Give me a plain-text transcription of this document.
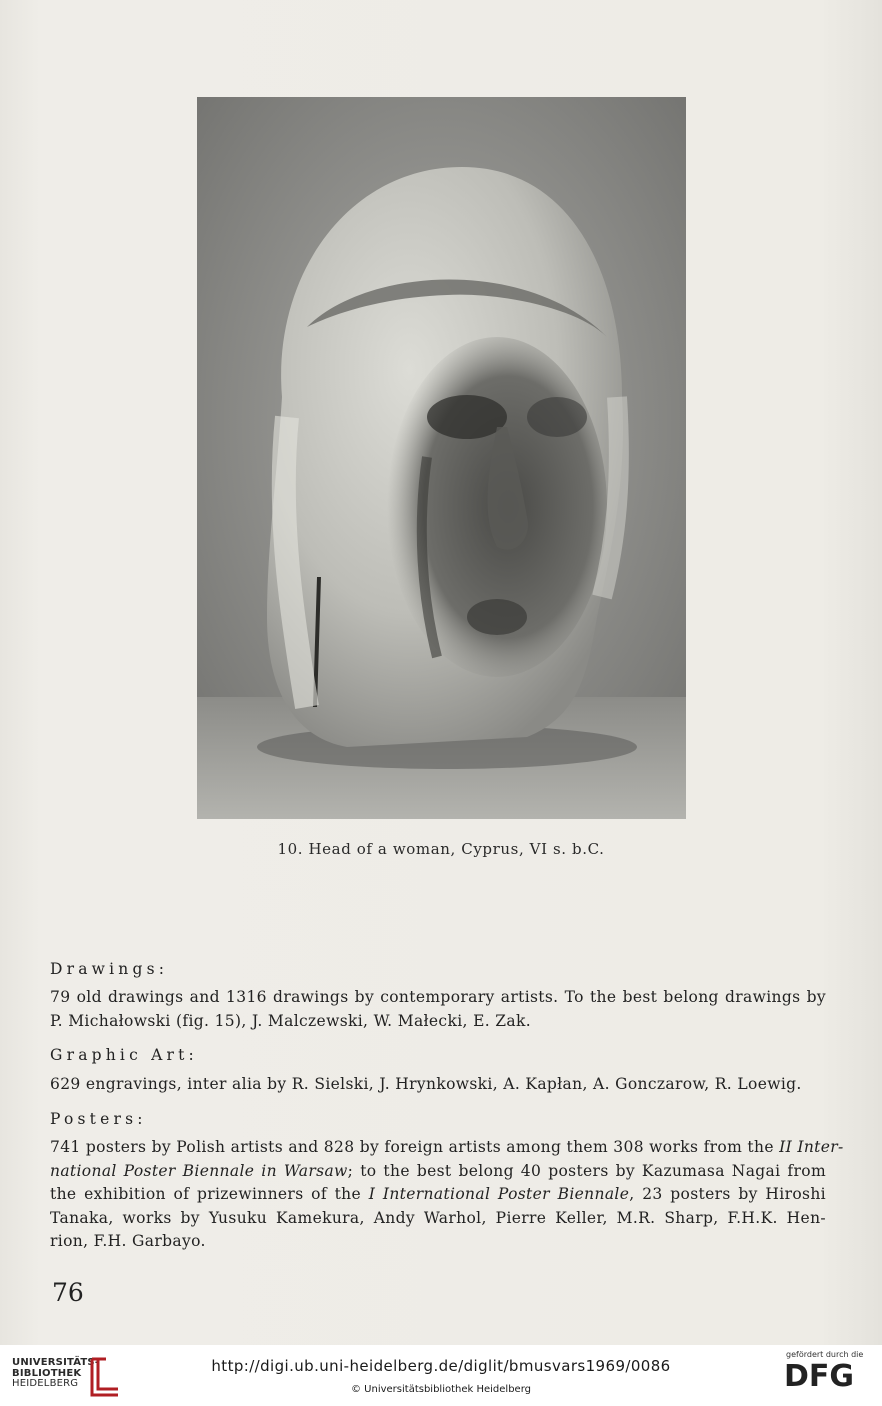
10. Head of a woman, Cyprus, VI s. b.C.
Drawings:
79 old drawings and 1316 drawings by contemporary artists. To the best belong drawings by
P. Michałowski (fig. 15), J. Malczewski, W. Małecki, E. Zak.
Graphic Art:
629 engravings, inter alia by R. Sielski, J. Hrynkowski, A. Kapłan, A. Gonczarow, R. Loewig.
Posters:
741 posters by Polish artists and 828 by foreign artists among them 308 works from the II Inter-
national Poster Biennale in Warsaw; to the best belong 40 posters by Kazumasa Nagai from
the exhibition of prizewinners of the I International Poster Biennale, 23 posters by Hiroshi
Tanaka, works by Yusuku Kamekura, Andy Warhol, Pierre Keller, M.R. Sharp, F.H.K. Hen-
rion, F.H. Garbayo.
76
UNIVERSITÄTS-
BIBLIOTHEK
HEIDELBERG
http://digi.ub.uni-heidelberg.de/diglit/bmusvars1969/0086
© Universitätsbibliothek Heidelberg
gefördert durch die
DFG
